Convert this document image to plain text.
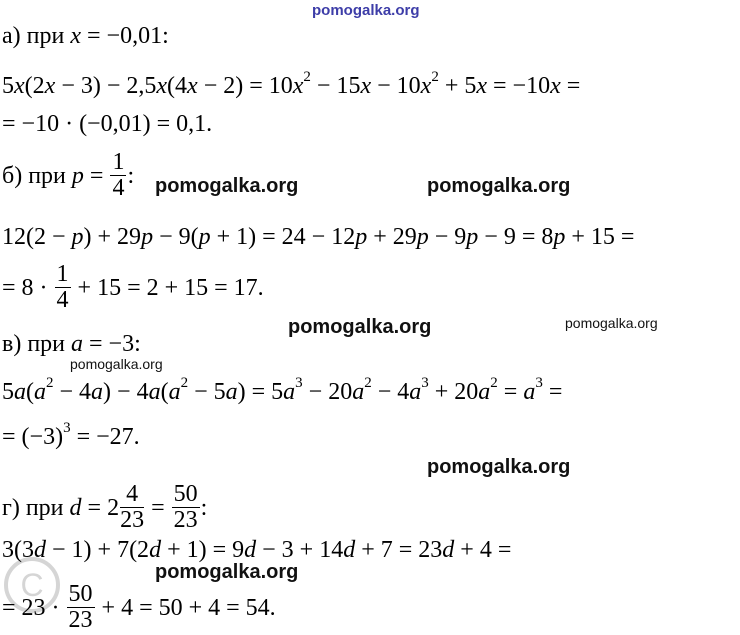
pomogalka.org
а) при x = −0,01:
$5x(2x - 3) - 2,5x(4x - 2) = 10x^2 - 15x - 10x^2 + 5x = -10x$ =
= −10 · (−0,01) = 0,1.
б) при $p = \frac{1}{4}$ : pomogalka.org	pomogalka.org
12(2 − p) + 29p − 9(p + 1) = 24 − 12p + 29p − 9p − 9 = 8p + 15 =
= $8 \cdot \frac{1}{4} + 15 = 2 + 15 = 17$.
pomogalka.org	pomogalka.org
в) при a = −3:
pomogalka.org
$5a(a^2 - 4a) - 4a(a^2 - 5a) = 5a^3 - 20a^2 - 4a^3 + 20a^2 = a^3$ =
= $(-3)^3 = -27$.
pomogalka.org
г) при $d = 2 \frac{4}{23} = \frac{50}{23}$ :
3(3d − 1) + 7(2d + 1) = 9d − 3 + 14d + 7 = 23d + 4 =
pomogalka.org
= $23 \cdot \frac{50}{23} + 4 = 50 + 4 = 54$.
C
